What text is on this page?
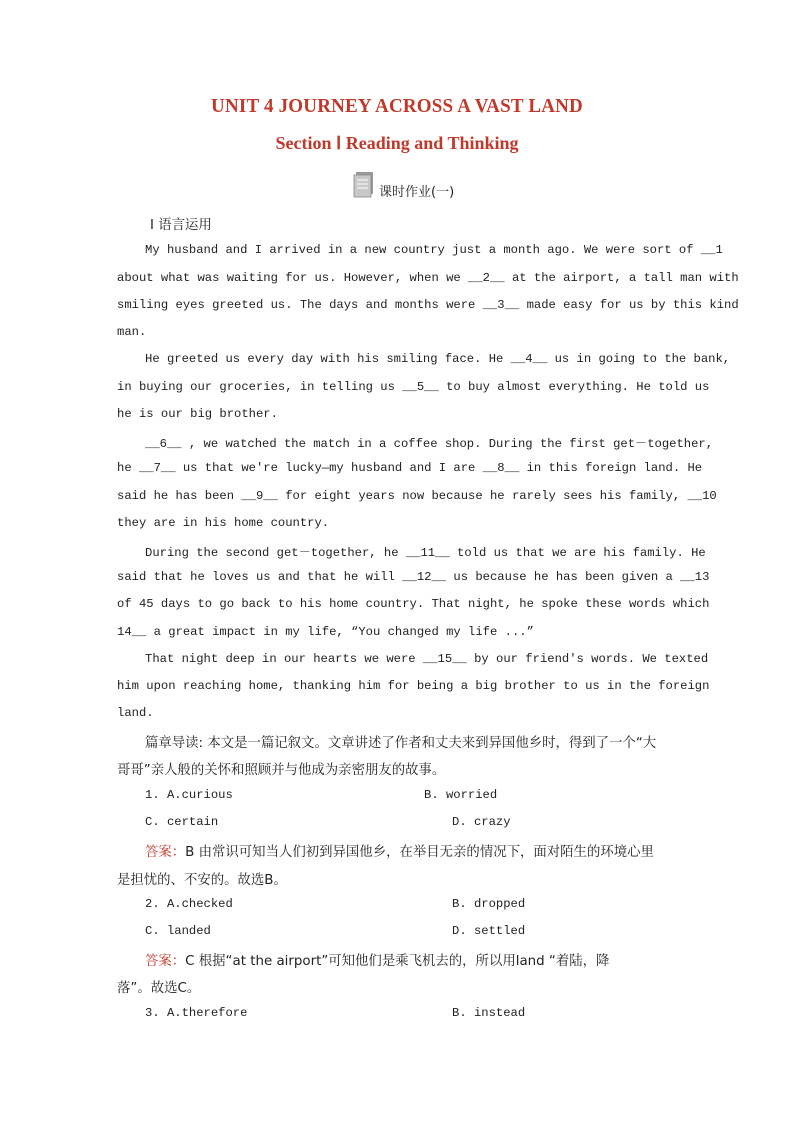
UNIT 4 JOURNEY ACROSS A VAST LAND
Section Ⅰ Reading and Thinking
课时作业(一)
Ⅰ 语言运用
My husband and I arrived in a new country just a month ago. We were sort of __1
about what was waiting for us. However, when we __2__ at the airport, a tall man with
smiling eyes greeted us. The days and months were __3__ made easy for us by this kind
man.
He greeted us every day with his smiling face. He __4__ us in going to the bank,
in buying our groceries, in telling us __5__ to buy almost everything. He told us
he is our big brother.
__6__ , we watched the match in a coffee shop. During the first get－together,
he __7__ us that we're lucky—my husband and I are __8__ in this foreign land. He
said he has been __9__ for eight years now because he rarely sees his family, __10
they are in his home country.
During the second get－together, he __11__ told us that we are his family. He
said that he loves us and that he will __12__ us because he has been given a __13
of 45 days to go back to his home country. That night, he spoke these words which
14__ a great impact in my life, “You changed my life ...”
That night deep in our hearts we were __15__ by our friend's words. We texted
him upon reaching home, thanking him for being a big brother to us in the foreign
land.
篇章导读: 本文是一篇记叙文。文章讲述了作者和丈夫来到异国他乡时，得到了一个“大
哥哥”亲人般的关怀和照顾并与他成为亲密朋友的故事。
1. A.curious	B. worried
C. certain	D. crazy
答案：B 由常识可知当人们初到异国他乡，在举目无亲的情况下，面对陌生的环境心里
是担忧的、不安的。故选B。
2. A.checked	B. dropped
C. landed	D. settled
答案：C 根据“at the airport”可知他们是乘飞机去的，所以用land “着陆，降
落”。故选C。
3. A.therefore	B. instead
